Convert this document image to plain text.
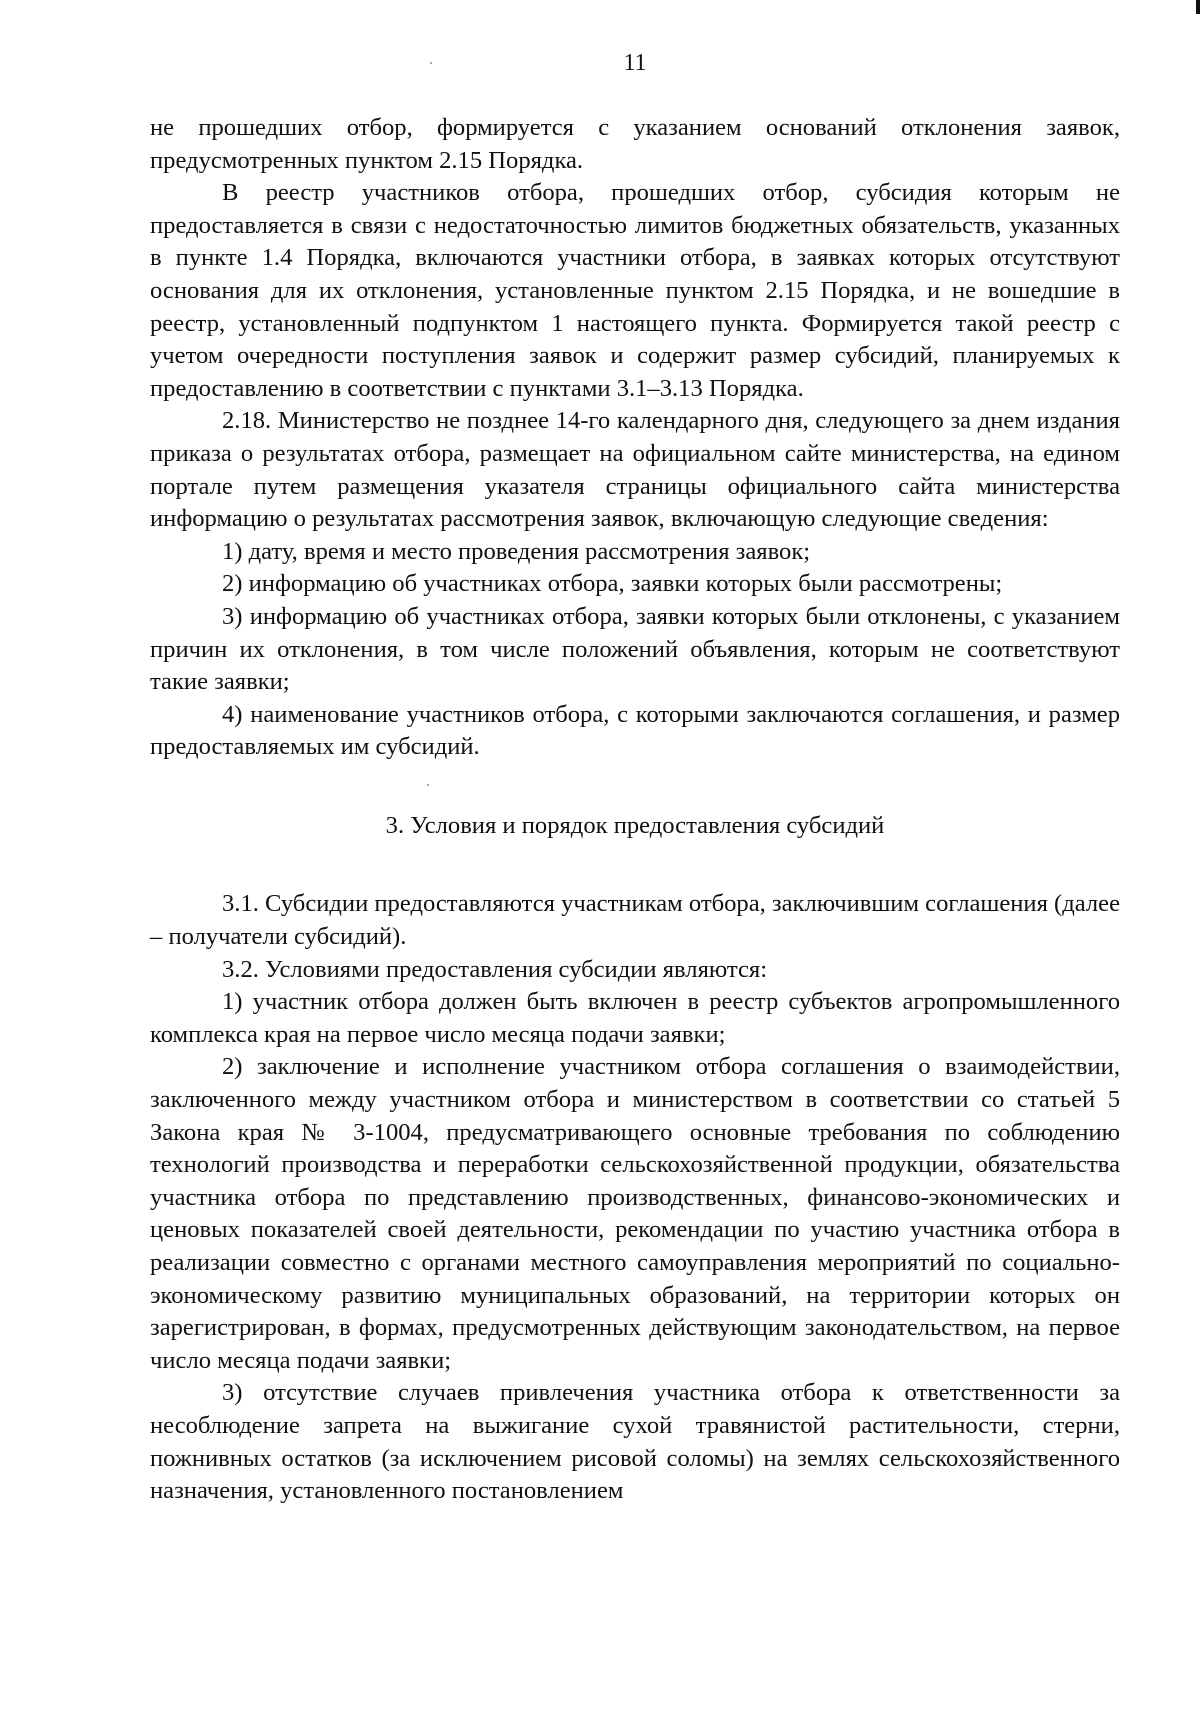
11

не прошедших отбор, формируется с указанием оснований отклонения заявок, предусмотренных пунктом 2.15 Порядка.

В реестр участников отбора, прошедших отбор, субсидия которым не предоставляется в связи с недостаточностью лимитов бюджетных обязательств, указанных в пункте 1.4 Порядка, включаются участники отбора, в заявках которых отсутствуют основания для их отклонения, установленные пунктом 2.15 Порядка, и не вошедшие в реестр, установленный подпунктом 1 настоящего пункта. Формируется такой реестр с учетом очередности поступления заявок и содержит размер субсидий, планируемых к предоставлению в соответствии с пунктами 3.1–3.13 Порядка.

2.18. Министерство не позднее 14-го календарного дня, следующего за днем издания приказа о результатах отбора, размещает на официальном сайте министерства, на едином портале путем размещения указателя страницы официального сайта министерства информацию о результатах рассмотрения заявок, включающую следующие сведения:

1) дату, время и место проведения рассмотрения заявок;

2) информацию об участниках отбора, заявки которых были рассмотрены;

3) информацию об участниках отбора, заявки которых были отклонены, с указанием причин их отклонения, в том числе положений объявления, которым не соответствуют такие заявки;

4) наименование участников отбора, с которыми заключаются соглашения, и размер предоставляемых им субсидий.

3. Условия и порядок предоставления субсидий

3.1. Субсидии предоставляются участникам отбора, заключившим соглашения (далее – получатели субсидий).

3.2. Условиями предоставления субсидии являются:

1) участник отбора должен быть включен в реестр субъектов агропромышленного комплекса края на первое число месяца подачи заявки;

2) заключение и исполнение участником отбора соглашения о взаимодействии, заключенного между участником отбора и министерством в соответствии со статьей 5 Закона края № 3-1004, предусматривающего основные требования по соблюдению технологий производства и переработки сельскохозяйственной продукции, обязательства участника отбора по представлению производственных, финансово-экономических и ценовых показателей своей деятельности, рекомендации по участию участника отбора в реализации совместно с органами местного самоуправления мероприятий по социально-экономическому развитию муниципальных образований, на территории которых он зарегистрирован, в формах, предусмотренных действующим законодательством, на первое число месяца подачи заявки;

3) отсутствие случаев привлечения участника отбора к ответственности за несоблюдение запрета на выжигание сухой травянистой растительности, стерни, пожнивных остатков (за исключением рисовой соломы) на землях сельскохозяйственного назначения, установленного постановлением
